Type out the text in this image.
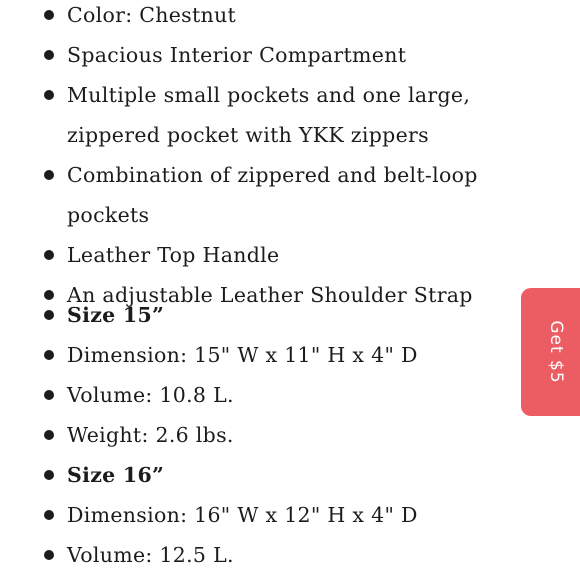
Color: Chestnut
Spacious Interior Compartment
Multiple small pockets and one large, zippered pocket with YKK zippers
Combination of zippered and belt-loop pockets
Leather Top Handle
An adjustable Leather Shoulder Strap
Size 15”
Dimension: 15" W x 11" H x 4" D
Volume: 10.8 L.
Weight: 2.6 lbs.
Size 16”
Dimension: 16" W x 12" H x 4" D
Volume: 12.5 L.
Get $5
